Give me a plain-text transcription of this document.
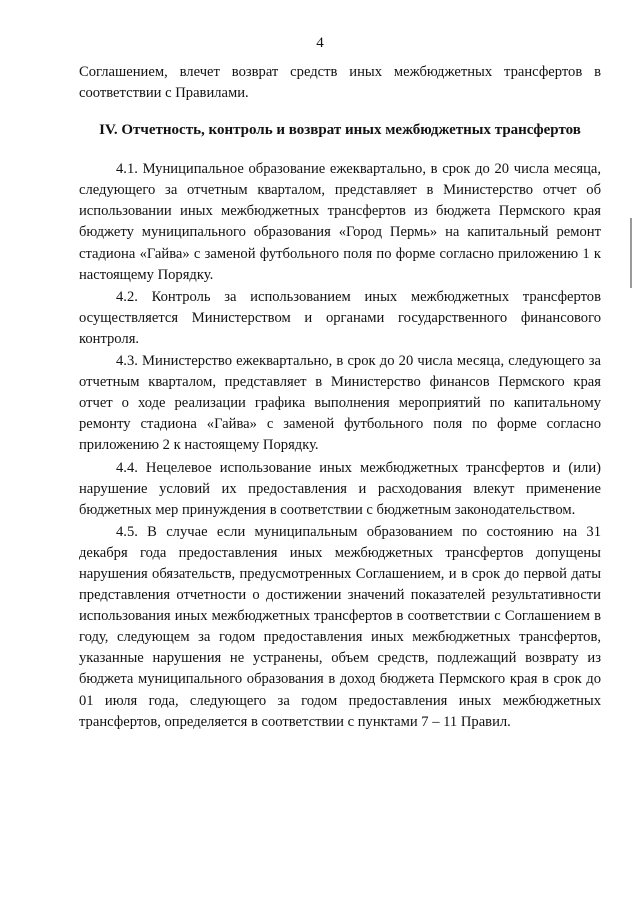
4

Соглашением, влечет возврат средств иных межбюджетных трансфертов в соответствии с Правилами.

IV. Отчетность, контроль и возврат иных межбюджетных трансфертов

4.1. Муниципальное образование ежеквартально, в срок до 20 числа месяца, следующего за отчетным кварталом, представляет в Министерство отчет об использовании иных межбюджетных трансфертов из бюджета Пермского края бюджету муниципального образования «Город Пермь» на капитальный ремонт стадиона «Гайва» с заменой футбольного поля по форме согласно приложению 1 к настоящему Порядку.

4.2. Контроль за использованием иных межбюджетных трансфертов осуществляется Министерством и органами государственного финансового контроля.

4.3. Министерство ежеквартально, в срок до 20 числа месяца, следующего за отчетным кварталом, представляет в Министерство финансов Пермского края отчет о ходе реализации графика выполнения мероприятий по капитальному ремонту стадиона «Гайва» с заменой футбольного поля по форме согласно приложению 2 к настоящему Порядку.

4.4. Нецелевое использование иных межбюджетных трансфертов и (или) нарушение условий их предоставления и расходования влекут применение бюджетных мер принуждения в соответствии с бюджетным законодательством.

4.5. В случае если муниципальным образованием по состоянию на 31 декабря года предоставления иных межбюджетных трансфертов допущены нарушения обязательств, предусмотренных Соглашением, и в срок до первой даты представления отчетности о достижении значений показателей результативности использования иных межбюджетных трансфертов в соответствии с Соглашением в году, следующем за годом предоставления иных межбюджетных трансфертов, указанные нарушения не устранены, объем средств, подлежащий возврату из бюджета муниципального образования в доход бюджета Пермского края в срок до 01 июля года, следующего за годом предоставления иных межбюджетных трансфертов, определяется в соответствии с пунктами 7 – 11 Правил.
